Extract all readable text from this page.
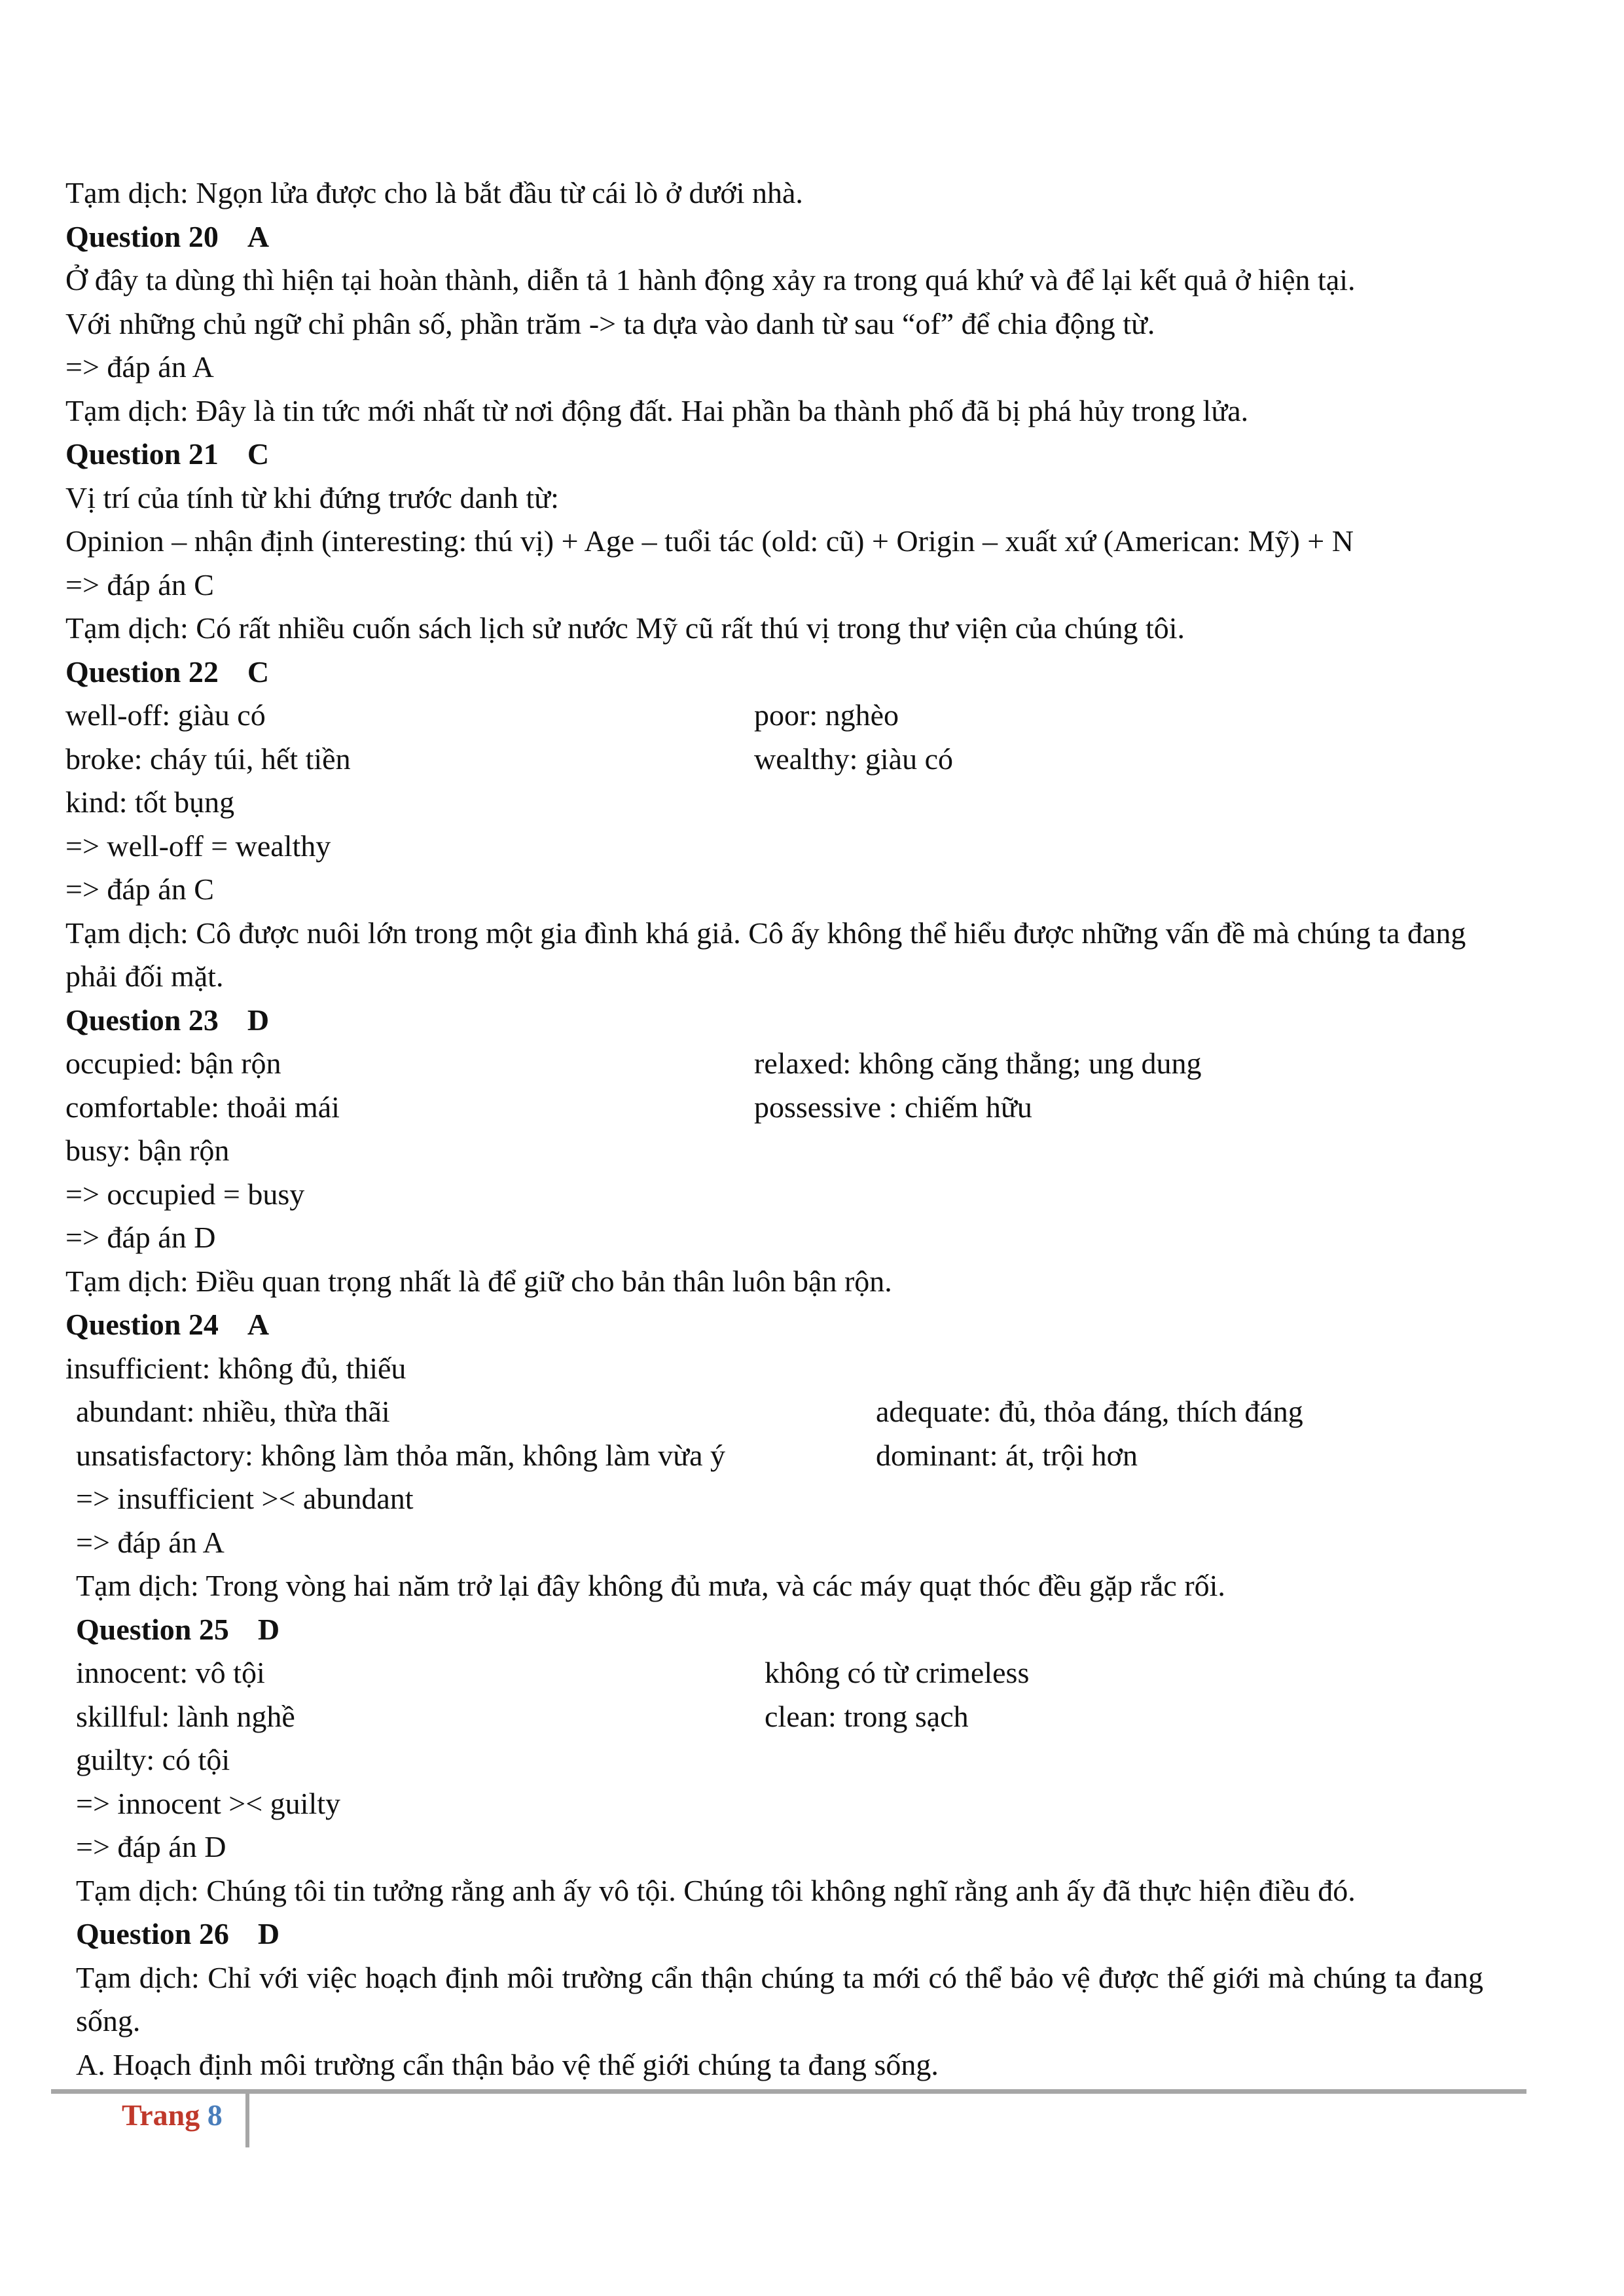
Tạm dịch: Ngọn lửa được cho là bắt đầu từ cái lò ở dưới nhà.
Question 20 A
Ở đây ta dùng thì hiện tại hoàn thành, diễn tả 1 hành động xảy ra trong quá khứ và để lại kết quả ở hiện tại.
Với những chủ ngữ chỉ phân số, phần trăm -> ta dựa vào danh từ sau “of” để chia động từ.
=> đáp án A
Tạm dịch: Đây là tin tức mới nhất từ nơi động đất. Hai phần ba thành phố đã bị phá hủy trong lửa.
Question 21 C
Vị trí của tính từ khi đứng trước danh từ:
Opinion – nhận định (interesting: thú vị) + Age – tuổi tác (old: cũ) + Origin – xuất xứ (American: Mỹ) + N
=> đáp án C
Tạm dịch: Có rất nhiều cuốn sách lịch sử nước Mỹ cũ rất thú vị trong thư viện của chúng tôi.
Question 22 C
well-off: giàu có	poor: nghèo
broke: cháy túi, hết tiền	wealthy: giàu có
kind: tốt bụng
=> well-off = wealthy
=> đáp án C
Tạm dịch: Cô được nuôi lớn trong một gia đình khá giả. Cô ấy không thể hiểu được những vấn đề mà chúng ta đang
phải đối mặt.
Question 23 D
occupied: bận rộn	relaxed: không căng thẳng; ung dung
comfortable: thoải mái	possessive : chiếm hữu
busy: bận rộn
=> occupied = busy
=> đáp án D
Tạm dịch: Điều quan trọng nhất là để giữ cho bản thân luôn bận rộn.
Question 24 A
insufficient: không đủ, thiếu
abundant: nhiều, thừa thãi	adequate: đủ, thỏa đáng, thích đáng
unsatisfactory: không làm thỏa mãn, không làm vừa ý	dominant: át, trội hơn
=> insufficient >< abundant
=> đáp án A
Tạm dịch: Trong vòng hai năm trở lại đây không đủ mưa, và các máy quạt thóc đều gặp rắc rối.
Question 25 D
innocent: vô tội	không có từ crimeless
skillful: lành nghề	clean: trong sạch
guilty: có tội
=> innocent >< guilty
=> đáp án D
Tạm dịch: Chúng tôi tin tưởng rằng anh ấy vô tội. Chúng tôi không nghĩ rằng anh ấy đã thực hiện điều đó.
Question 26 D
Tạm dịch: Chỉ với việc hoạch định môi trường cẩn thận chúng ta mới có thể bảo vệ được thế giới mà chúng ta đang sống.
A. Hoạch định môi trường cẩn thận bảo vệ thế giới chúng ta đang sống.
Trang 8
